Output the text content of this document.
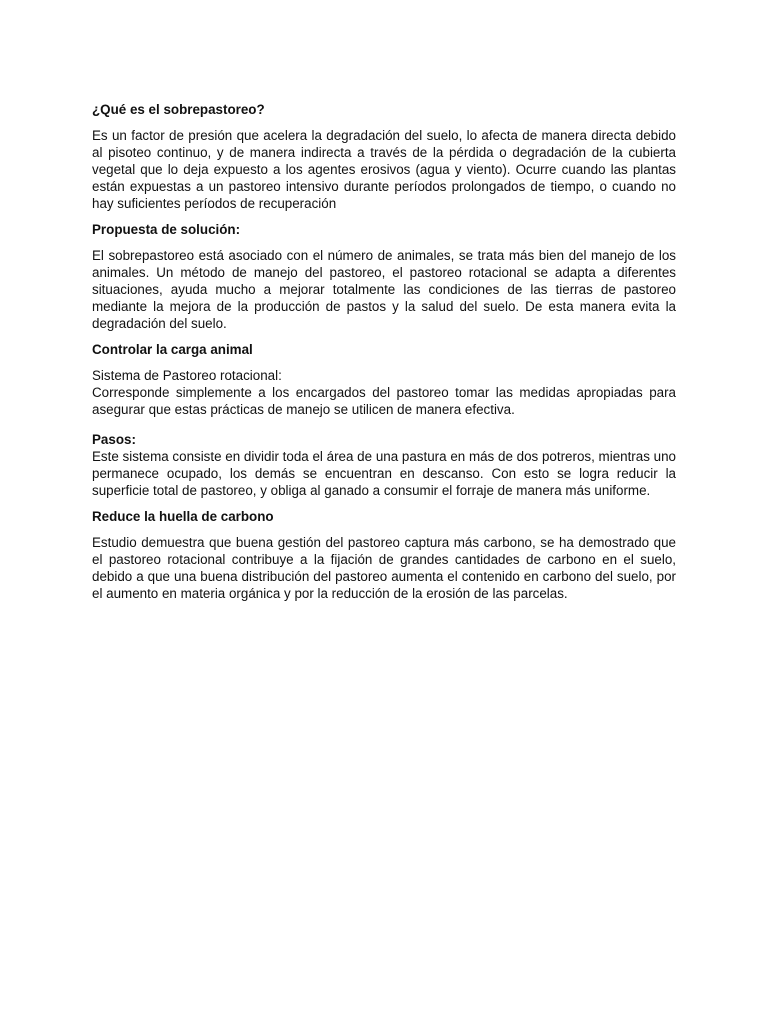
¿Qué es el sobrepastoreo?
Es un factor de presión que acelera la degradación del suelo, lo afecta de manera directa debido al pisoteo continuo, y de manera indirecta a través de la pérdida o degradación de la cubierta vegetal que lo deja expuesto a los agentes erosivos (agua y viento). Ocurre cuando las plantas están expuestas a un pastoreo intensivo durante períodos prolongados de tiempo, o cuando no hay suficientes períodos de recuperación
Propuesta de solución:
El sobrepastoreo está asociado con el número de animales, se trata más bien del manejo de los animales. Un método de manejo del pastoreo, el pastoreo rotacional se adapta a diferentes situaciones, ayuda mucho a mejorar totalmente las condiciones de las tierras de pastoreo mediante la mejora de la producción de pastos y la salud del suelo. De esta manera evita la degradación del suelo.
Controlar la carga animal
Sistema de Pastoreo rotacional:
Corresponde simplemente a los encargados del pastoreo tomar las medidas apropiadas para asegurar que estas prácticas de manejo se utilicen de manera efectiva.
Pasos:
Este sistema consiste en dividir toda el área de una pastura en más de dos potreros, mientras uno permanece ocupado, los demás se encuentran en descanso. Con esto se logra reducir la superficie total de pastoreo, y obliga al ganado a consumir el forraje de manera más uniforme.
Reduce la huella de carbono
Estudio demuestra que buena gestión del pastoreo captura más carbono, se ha demostrado que el pastoreo rotacional contribuye a la fijación de grandes cantidades de carbono en el suelo, debido a que una buena distribución del pastoreo aumenta el contenido en carbono del suelo, por el aumento en materia orgánica y por la reducción de la erosión de las parcelas.
